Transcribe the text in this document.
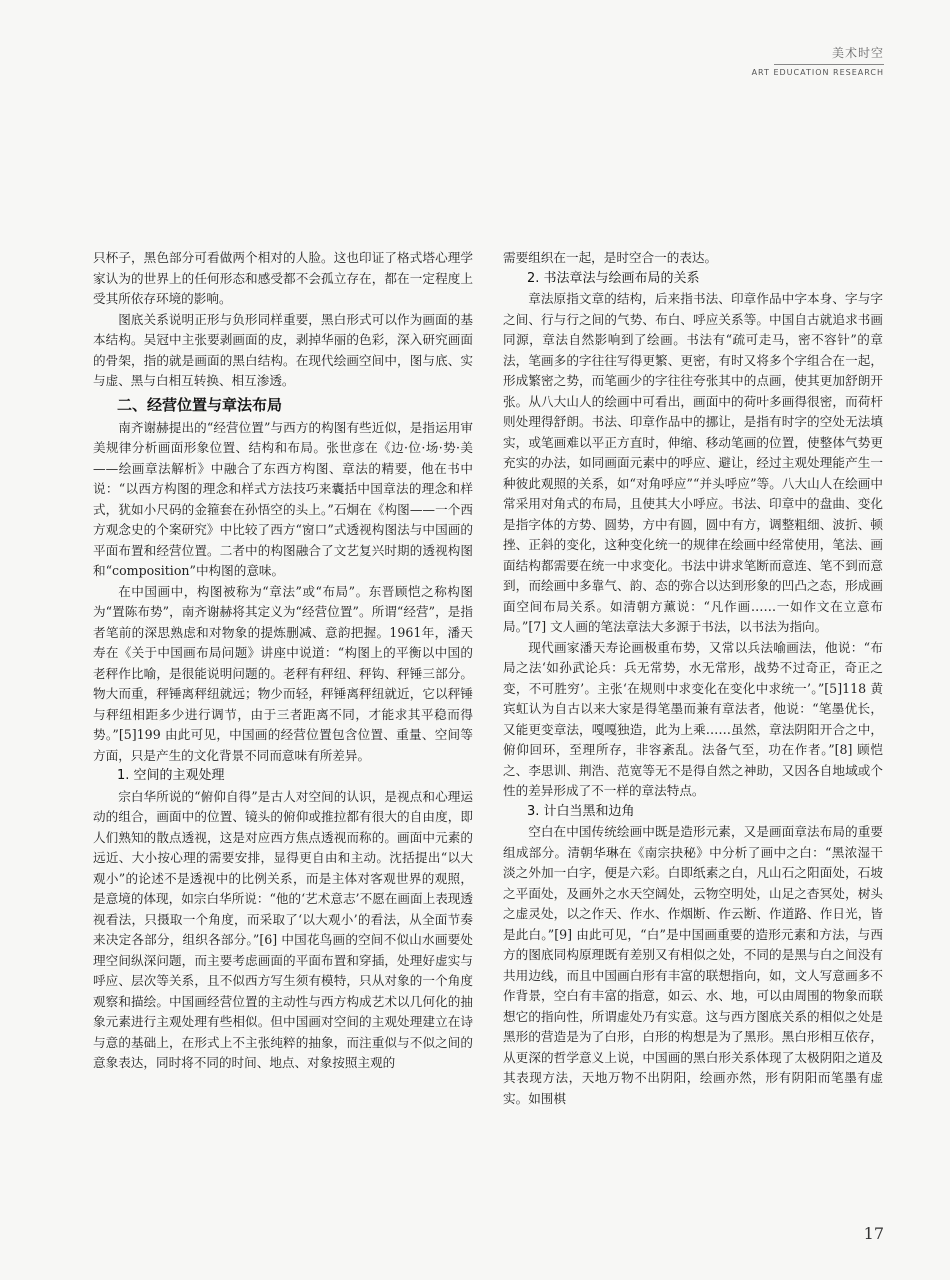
美术时空
ART EDUCATION RESEARCH

只杯子，黑色部分可看做两个相对的人脸。这也印证了格式塔心理学家认为的世界上的任何形态和感受都不会孤立存在，都在一定程度上受其所依存环境的影响。

图底关系说明正形与负形同样重要，黑白形式可以作为画面的基本结构。吴冠中主张要剥画面的皮，剥掉华丽的色彩，深入研究画面的骨架，指的就是画面的黑白结构。在现代绘画空间中，图与底、实与虚、黑与白相互转换、相互渗透。

二、经营位置与章法布局

南齐谢赫提出的“经营位置”与西方的构图有些近似，是指运用审美规律分析画面形象位置、结构和布局。张世彦在《边·位·场·势·美——绘画章法解析》中融合了东西方构图、章法的精要，他在书中说：“以西方构图的理念和样式方法技巧来囊括中国章法的理念和样式，犹如小尺码的金箍套在孙悟空的头上。”石炯在《构图——一个西方观念史的个案研究》中比较了西方“窗口”式透视构图法与中国画的平面布置和经营位置。二者中的构图融合了文艺复兴时期的透视构图和“composition”中构图的意味。

在中国画中，构图被称为“章法”或“布局”。东晋顾恺之称构图为“置陈布势”，南齐谢赫将其定义为“经营位置”。所谓“经营”，是指者笔前的深思熟虑和对物象的提炼删减、意韵把握。1961年，潘天寿在《关于中国画布局问题》讲座中说道：“构图上的平衡以中国的老秤作比喻，是很能说明问题的。老秤有秤纽、秤钩、秤锤三部分。物大而重，秤锤离秤纽就远；物少而轻，秤锤离秤纽就近，它以秤锤与秤纽相距多少进行调节，由于三者距离不同，才能求其平稳而得势。”[5]199 由此可见，中国画的经营位置包含位置、重量、空间等方面，只是产生的文化背景不同而意味有所差异。

1. 空间的主观处理

宗白华所说的“俯仰自得”是古人对空间的认识，是视点和心理运动的组合，画面中的位置、镜头的俯仰或推拉都有很大的自由度，即人们熟知的散点透视，这是对应西方焦点透视而称的。画面中元素的远近、大小按心理的需要安排，显得更自由和主动。沈括提出“以大观小”的论述不是透视中的比例关系，而是主体对客观世界的观照，是意境的体现，如宗白华所说：“他的‘艺术意志’不愿在画面上表现透视看法，只摄取一个角度，而采取了‘以大观小’的看法，从全面节奏来决定各部分，组织各部分。”[6] 中国花鸟画的空间不似山水画要处理空间纵深问题，而主要考虑画面的平面布置和穿插，处理好虚实与呼应、层次等关系，且不似西方写生须有模特，只从对象的一个角度观察和描绘。中国画经营位置的主动性与西方构成艺术以几何化的抽象元素进行主观处理有些相似。但中国画对空间的主观处理建立在诗与意的基础上，在形式上不主张纯粹的抽象，而注重似与不似之间的意象表达，同时将不同的时间、地点、对象按照主观的

需要组织在一起，是时空合一的表达。

2. 书法章法与绘画布局的关系

章法原指文章的结构，后来指书法、印章作品中字本身、字与字之间、行与行之间的气势、布白、呼应关系等。中国自古就追求书画同源，章法自然影响到了绘画。书法有“疏可走马，密不容针”的章法，笔画多的字往往写得更繁、更密，有时又将多个字组合在一起，形成繁密之势，而笔画少的字往往夸张其中的点画，使其更加舒朗开张。从八大山人的绘画中可看出，画面中的荷叶多画得很密，而荷杆则处理得舒朗。书法、印章作品中的挪让，是指有时字的空处无法填实，或笔画难以平正方直时，伸缩、移动笔画的位置，使整体气势更充实的办法，如同画面元素中的呼应、避让，经过主观处理能产生一种彼此观照的关系，如“对角呼应”“并头呼应”等。八大山人在绘画中常采用对角式的布局，且使其大小呼应。书法、印章中的盘曲、变化是指字体的方势、圆势，方中有圆，圆中有方，调整粗细、波折、顿挫、正斜的变化，这种变化统一的规律在绘画中经常使用，笔法、画面结构都需要在统一中求变化。书法中讲求笔断而意连、笔不到而意到，而绘画中多靠气、韵、态的弥合以达到形象的凹凸之态，形成画面空间布局关系。如清朝方薰说：“凡作画……一如作文在立意布局。”[7] 文人画的笔法章法大多源于书法，以书法为指向。

现代画家潘天寿论画极重布势，又常以兵法喻画法，他说：“布局之法‘如孙武论兵：兵无常势，水无常形，战势不过奇正，奇正之变，不可胜穷’。主张‘在规则中求变化在变化中求统一’。”[5]118 黄宾虹认为自古以来大家是得笔墨而兼有章法者，他说：“笔墨优长，又能更变章法，嘎嘎独造，此为上乘……虽然，章法阴阳开合之中，俯仰回环，至理所存，非容紊乱。法备气至，功在作者。”[8] 顾恺之、李思训、荆浩、范宽等无不是得自然之神助，又因各自地域或个性的差异形成了不一样的章法特点。

3. 计白当黑和边角

空白在中国传统绘画中既是造形元素，又是画面章法布局的重要组成部分。清朝华琳在《南宗抉秘》中分析了画中之白：“黑浓湿干淡之外加一白字，便是六彩。白即纸素之白，凡山石之阳面处，石坡之平面处，及画外之水天空阔处，云物空明处，山足之杳冥处，树头之虚灵处，以之作天、作水、作烟断、作云断、作道路、作日光，皆是此白。”[9] 由此可见，“白”是中国画重要的造形元素和方法，与西方的图底同构原理既有差别又有相似之处，不同的是黑与白之间没有共用边线，而且中国画白形有丰富的联想指向，如，文人写意画多不作背景，空白有丰富的指意，如云、水、地，可以由周围的物象而联想它的指向性，所谓虚处乃有实意。这与西方图底关系的相似之处是黑形的营造是为了白形，白形的构想是为了黑形。黑白形相互依存，从更深的哲学意义上说，中国画的黑白形关系体现了太极阴阳之道及其表现方法，天地万物不出阴阳，绘画亦然，形有阴阳而笔墨有虚实。如围棋

17
